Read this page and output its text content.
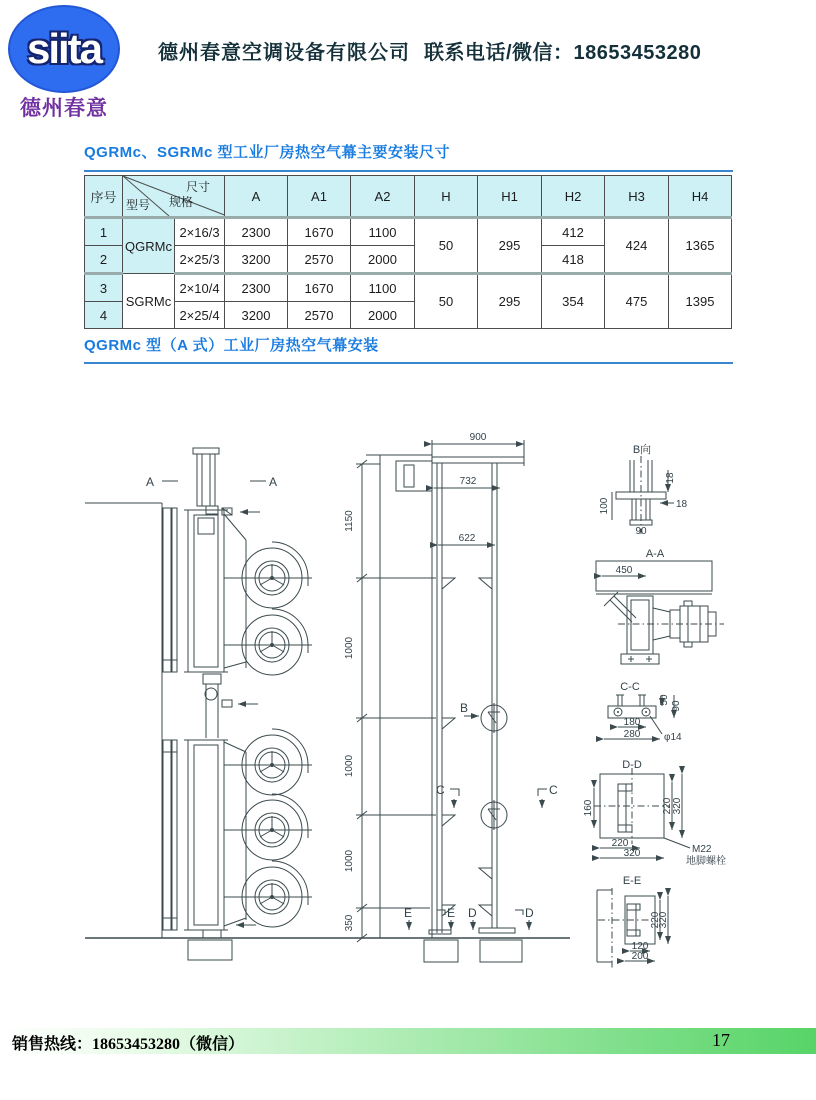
siita
德州春意
德州春意空调设备有限公司 联系电话/微信：18653453280
QGRMc、SGRMc 型工业厂房热空气幕主要安装尺寸
序号	尺寸
型号 规格		A	A1	A2	H	H1	H2	H3	H4
1	QGRMc	2×16/3	2300	1670	1100	50	295	412	424	1365
2		2×25/3	3200	2570	2000			418		
3	SGRMc	2×10/4	2300	1670	1100	50	295	354	475	1395
4		2×25/4	3200	2570	2000					
QGRMc 型（A 式）工业厂房热空气幕安装
A	A
B
C	C
E	E D	D
1150
1000
1000
1000
350
900
732
622
B向
18
100	18
90
A-A
450
C-C
50
90
180
280 φ14
D-D
160	220 320
220
320	M22
地脚螺栓
E-E
220
320
120
200
销售热线：18653453280（微信）	17
